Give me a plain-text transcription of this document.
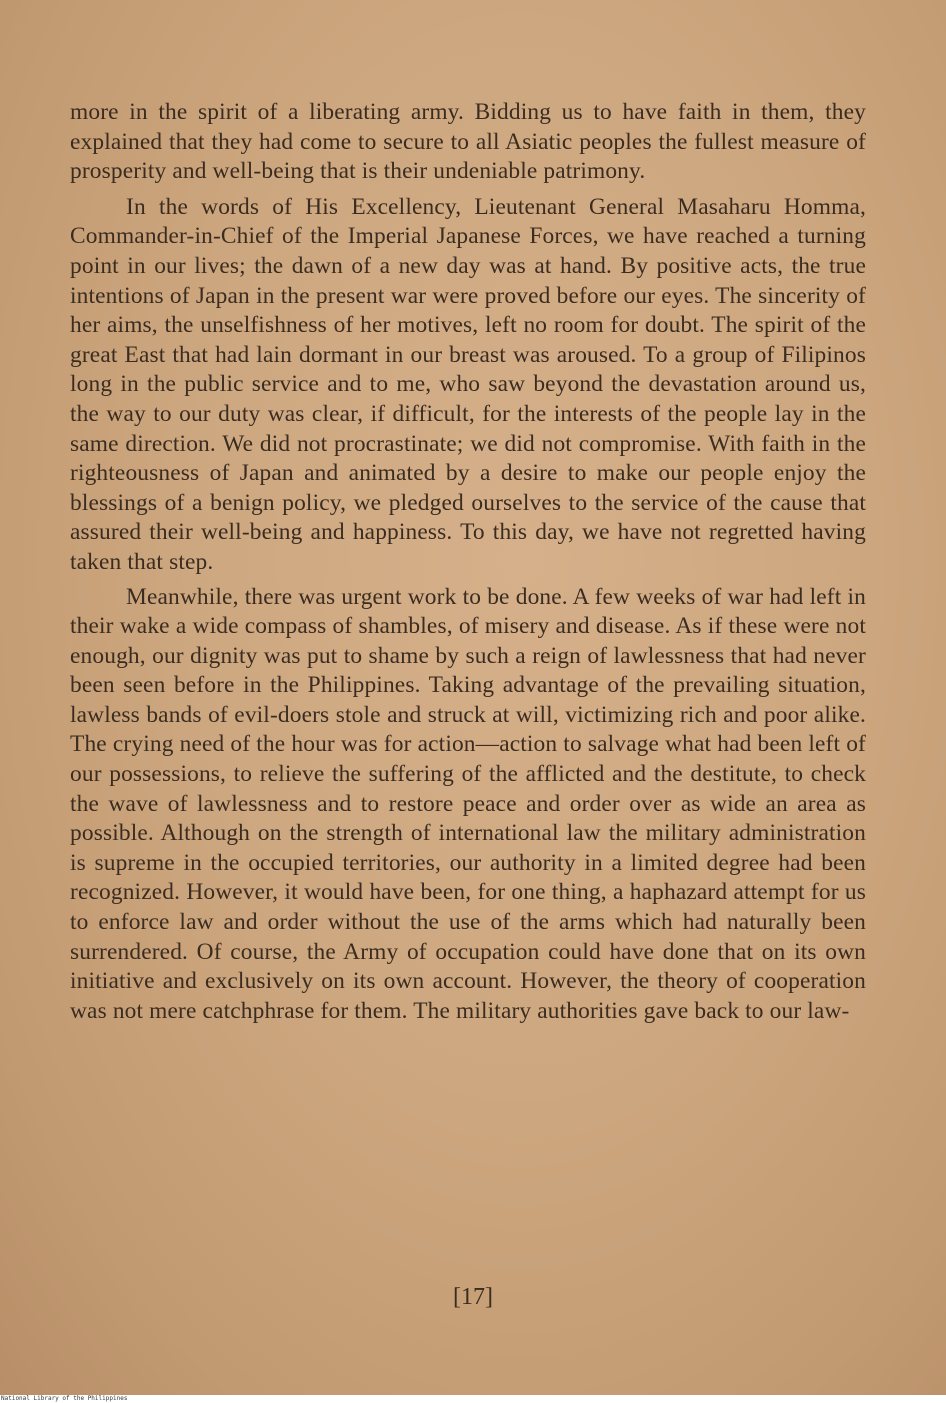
more in the spirit of a liberating army. Bidding us to have faith in them, they explained that they had come to secure to all Asiatic peoples the fullest measure of prosperity and well-being that is their undeniable patrimony.

In the words of His Excellency, Lieutenant General Masaharu Homma, Commander-in-Chief of the Imperial Japanese Forces, we have reached a turning point in our lives; the dawn of a new day was at hand. By positive acts, the true intentions of Japan in the present war were proved before our eyes. The sincerity of her aims, the unselfishness of her motives, left no room for doubt. The spirit of the great East that had lain dormant in our breast was aroused. To a group of Filipinos long in the public service and to me, who saw beyond the devastation around us, the way to our duty was clear, if difficult, for the interests of the people lay in the same direction. We did not procrastinate; we did not compromise. With faith in the righteousness of Japan and animated by a desire to make our people enjoy the blessings of a benign policy, we pledged ourselves to the service of the cause that assured their well-being and happiness. To this day, we have not regretted having taken that step.

Meanwhile, there was urgent work to be done. A few weeks of war had left in their wake a wide compass of shambles, of misery and disease. As if these were not enough, our dignity was put to shame by such a reign of lawlessness that had never been seen before in the Philippines. Taking advantage of the prevailing situation, lawless bands of evil-doers stole and struck at will, victimizing rich and poor alike. The crying need of the hour was for action—action to salvage what had been left of our possessions, to relieve the suffering of the afflicted and the destitute, to check the wave of lawlessness and to restore peace and order over as wide an area as possible. Although on the strength of international law the military administration is supreme in the occupied territories, our authority in a limited degree had been recognized. However, it would have been, for one thing, a haphazard attempt for us to enforce law and order without the use of the arms which had naturally been surrendered. Of course, the Army of occupation could have done that on its own initiative and exclusively on its own account. However, the theory of cooperation was not mere catchphrase for them. The military authorities gave back to our law-

[17]
National Library of the Philippines
